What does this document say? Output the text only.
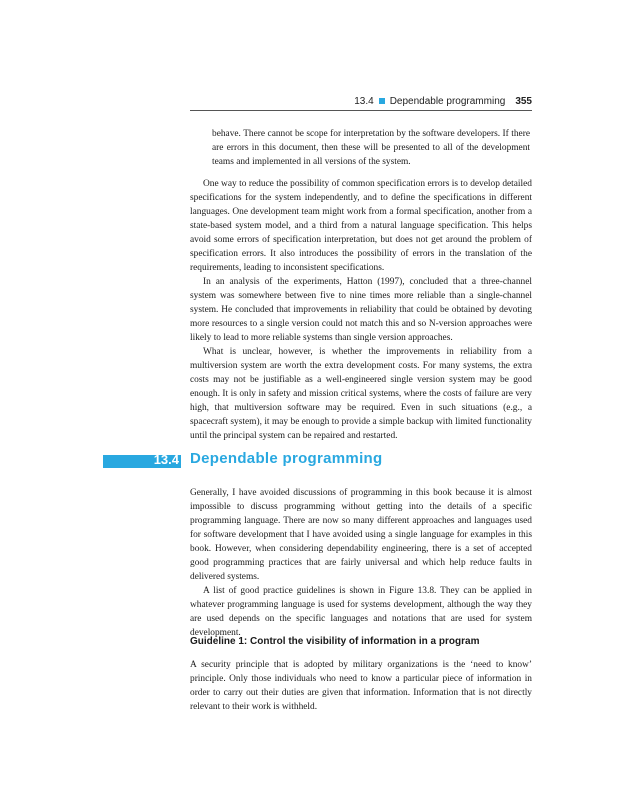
13.4 Dependable programming 355

behave. There cannot be scope for interpretation by the software developers. If there are errors in this document, then these will be presented to all of the development teams and implemented in all versions of the system.

One way to reduce the possibility of common specification errors is to develop detailed specifications for the system independently, and to define the specifications in different languages. One development team might work from a formal specification, another from a state-based system model, and a third from a natural language specification. This helps avoid some errors of specification interpretation, but does not get around the problem of specification errors. It also introduces the possibility of errors in the translation of the requirements, leading to inconsistent specifications.

In an analysis of the experiments, Hatton (1997), concluded that a three-channel system was somewhere between five to nine times more reliable than a single-channel system. He concluded that improvements in reliability that could be obtained by devoting more resources to a single version could not match this and so N-version approaches were likely to lead to more reliable systems than single version approaches.

What is unclear, however, is whether the improvements in reliability from a multiversion system are worth the extra development costs. For many systems, the extra costs may not be justifiable as a well-engineered single version system may be good enough. It is only in safety and mission critical systems, where the costs of failure are very high, that multiversion software may be required. Even in such situations (e.g., a spacecraft system), it may be enough to provide a simple backup with limited functionality until the principal system can be repaired and restarted.

13.4 Dependable programming

Generally, I have avoided discussions of programming in this book because it is almost impossible to discuss programming without getting into the details of a specific programming language. There are now so many different approaches and languages used for software development that I have avoided using a single language for examples in this book. However, when considering dependability engineering, there is a set of accepted good programming practices that are fairly universal and which help reduce faults in delivered systems.

A list of good practice guidelines is shown in Figure 13.8. They can be applied in whatever programming language is used for systems development, although the way they are used depends on the specific languages and notations that are used for system development.

Guideline 1: Control the visibility of information in a program

A security principle that is adopted by military organizations is the ‘need to know’ principle. Only those individuals who need to know a particular piece of information in order to carry out their duties are given that information. Information that is not directly relevant to their work is withheld.
